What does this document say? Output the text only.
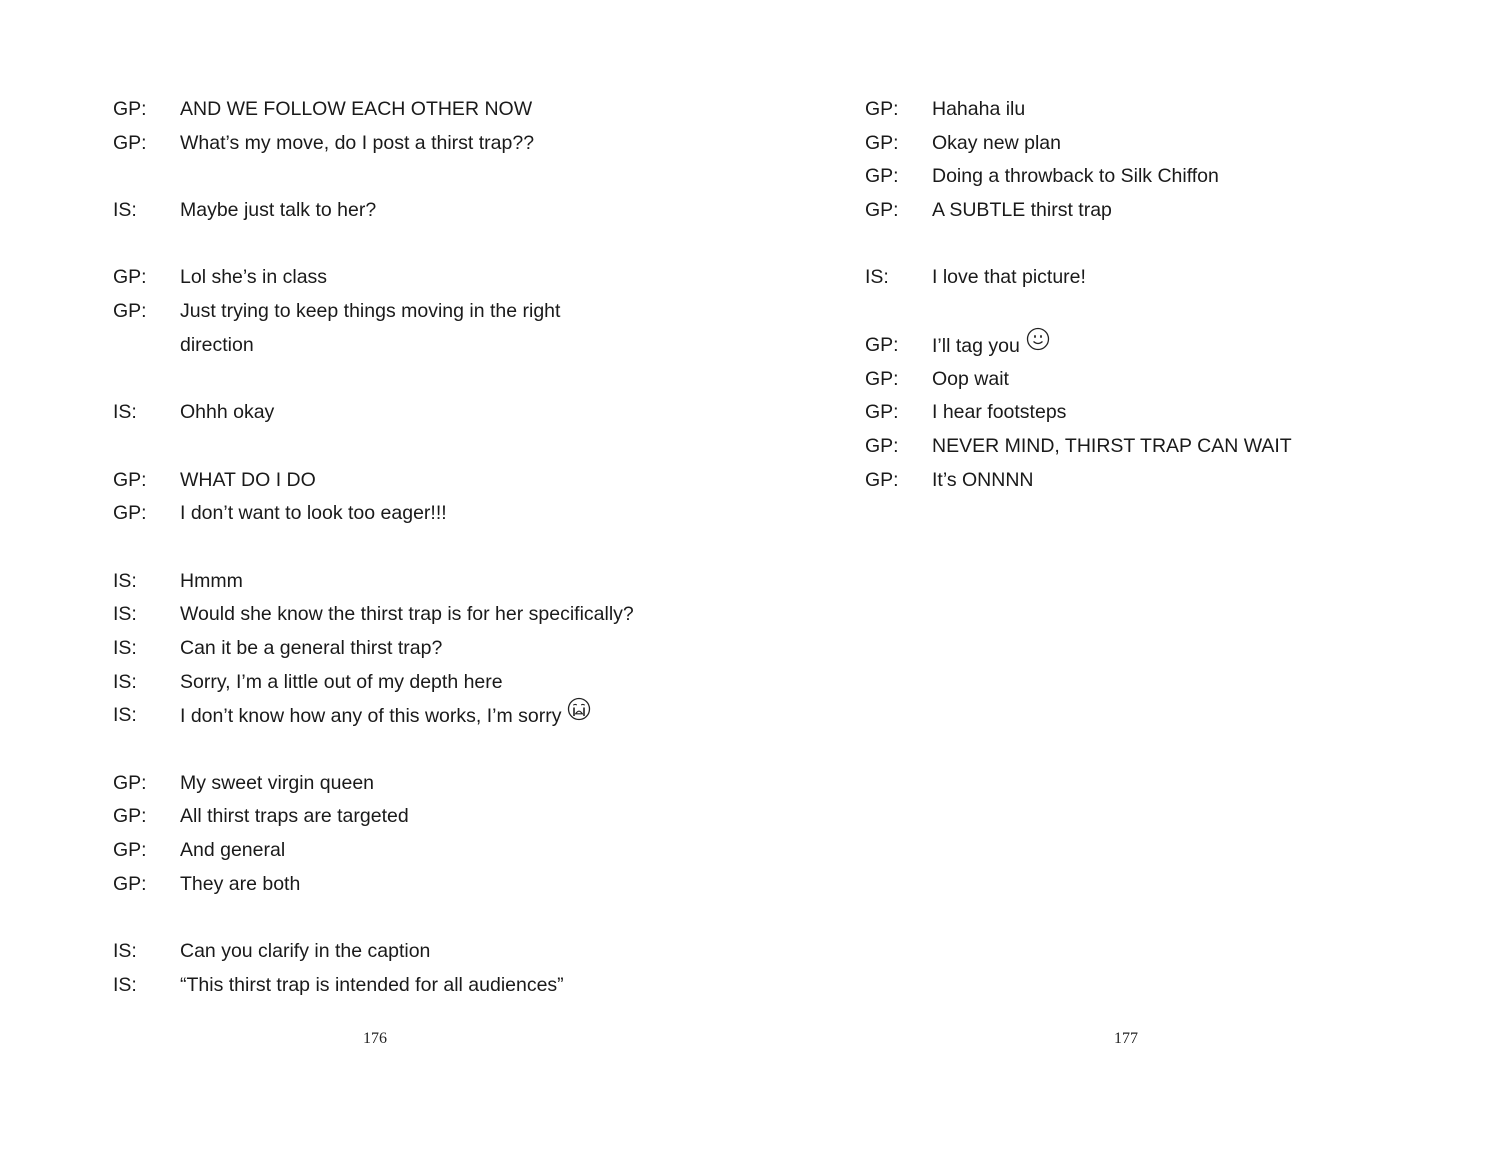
GP:	AND WE FOLLOW EACH OTHER NOW
GP:	What’s my move, do I post a thirst trap??
IS:	Maybe just talk to her?
GP:	Lol she’s in class
GP:	Just trying to keep things moving in the right
direction
IS:	Ohhh okay
GP:	WHAT DO I DO
GP:	I don’t want to look too eager!!!
IS:	Hmmm
IS:	Would she know the thirst trap is for her specifically?
IS:	Can it be a general thirst trap?
IS:	Sorry, I’m a little out of my depth here
IS:	I don’t know how any of this works, I’m sorry
GP:	My sweet virgin queen
GP:	All thirst traps are targeted
GP:	And general
GP:	They are both
IS:	Can you clarify in the caption
IS:	“This thirst trap is intended for all audiences”
176
GP:	Hahaha ilu
GP:	Okay new plan
GP:	Doing a throwback to Silk Chiffon
GP:	A SUBTLE thirst trap
IS:	I love that picture!
GP:	I’ll tag you
GP:	Oop wait
GP:	I hear footsteps
GP:	NEVER MIND, THIRST TRAP CAN WAIT
GP:	It’s ONNNN
177
